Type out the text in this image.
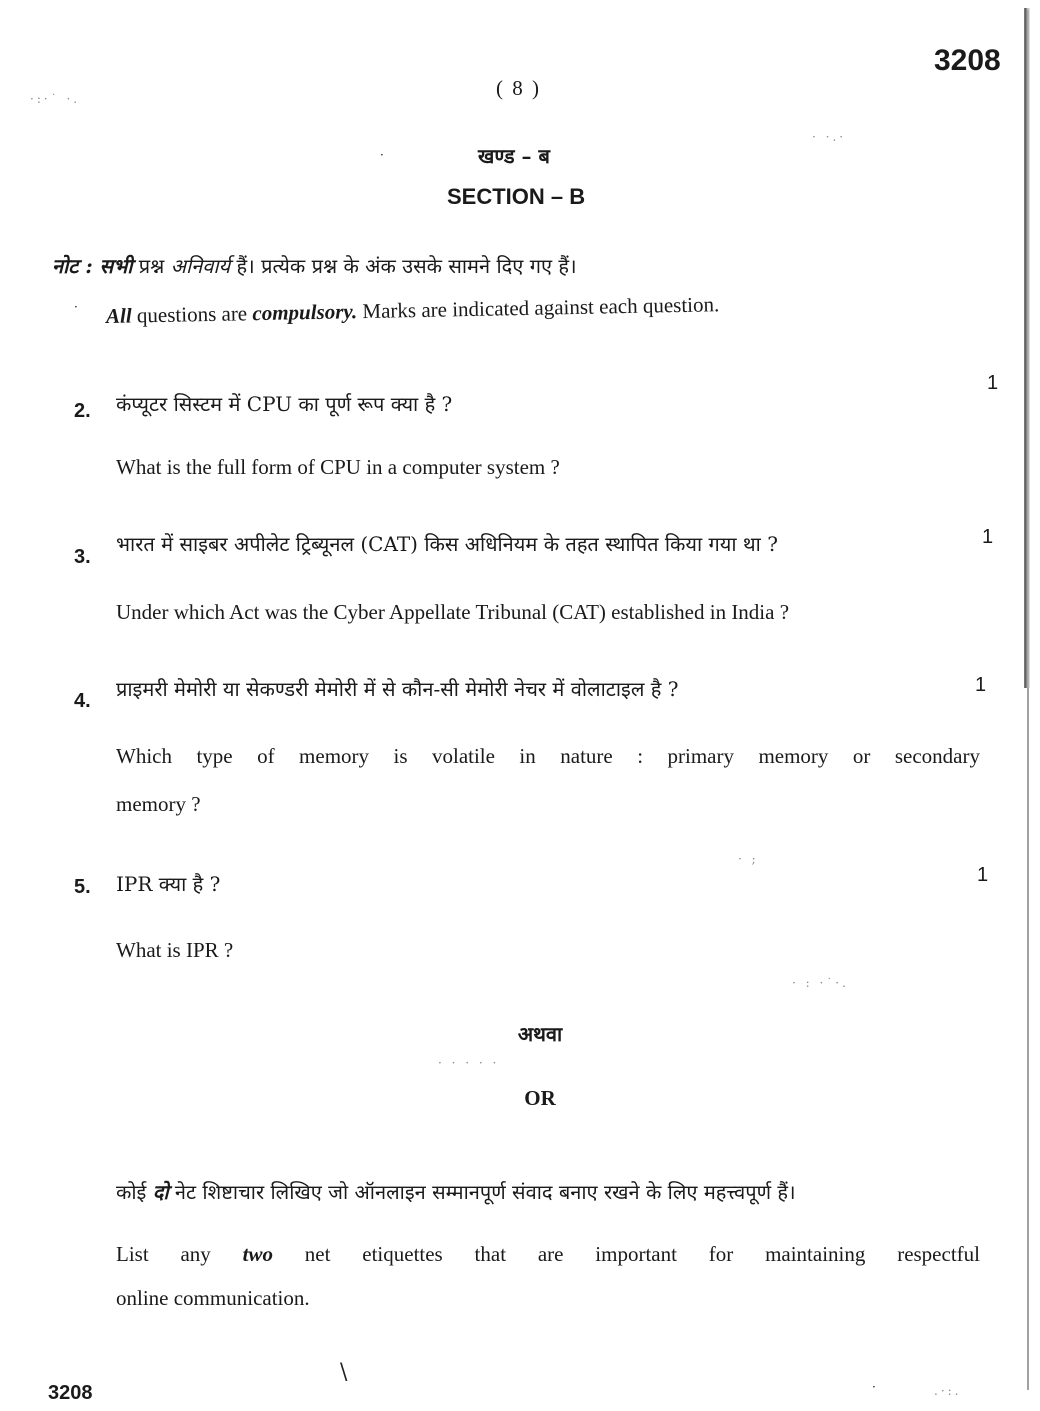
·:·˙ ·.
· ·.·
· ;
· : ·˙·.
· · · · ·
\
·	.·:.
·
·
3208
( 8 )
खण्ड – ब
SECTION – B
नोट : सभी प्रश्न अनिवार्य हैं। प्रत्येक प्रश्न के अंक उसके सामने दिए गए हैं।
All questions are compulsory. Marks are indicated against each question.
1
2. कंप्यूटर सिस्टम में CPU का पूर्ण रूप क्या है ?
What is the full form of CPU in a computer system ?
1
3.
भारत में साइबर अपीलेट ट्रिब्यूनल (CAT) किस अधिनियम के तहत स्थापित किया गया था ?
Under which Act was the Cyber Appellate Tribunal (CAT) established in India ?
1
4. प्राइमरी मेमोरी या सेकण्डरी मेमोरी में से कौन-सी मेमोरी नेचर में वोलाटाइल है ?
Which type of memory is volatile in nature : primary memory or secondary
memory ?
1
5. IPR क्या है ?
What is IPR ?
अथवा
OR
कोई दो नेट शिष्टाचार लिखिए जो ऑनलाइन सम्मानपूर्ण संवाद बनाए रखने के लिए महत्त्वपूर्ण हैं।
List any two net etiquettes that are important for maintaining respectful
online communication.
3208
